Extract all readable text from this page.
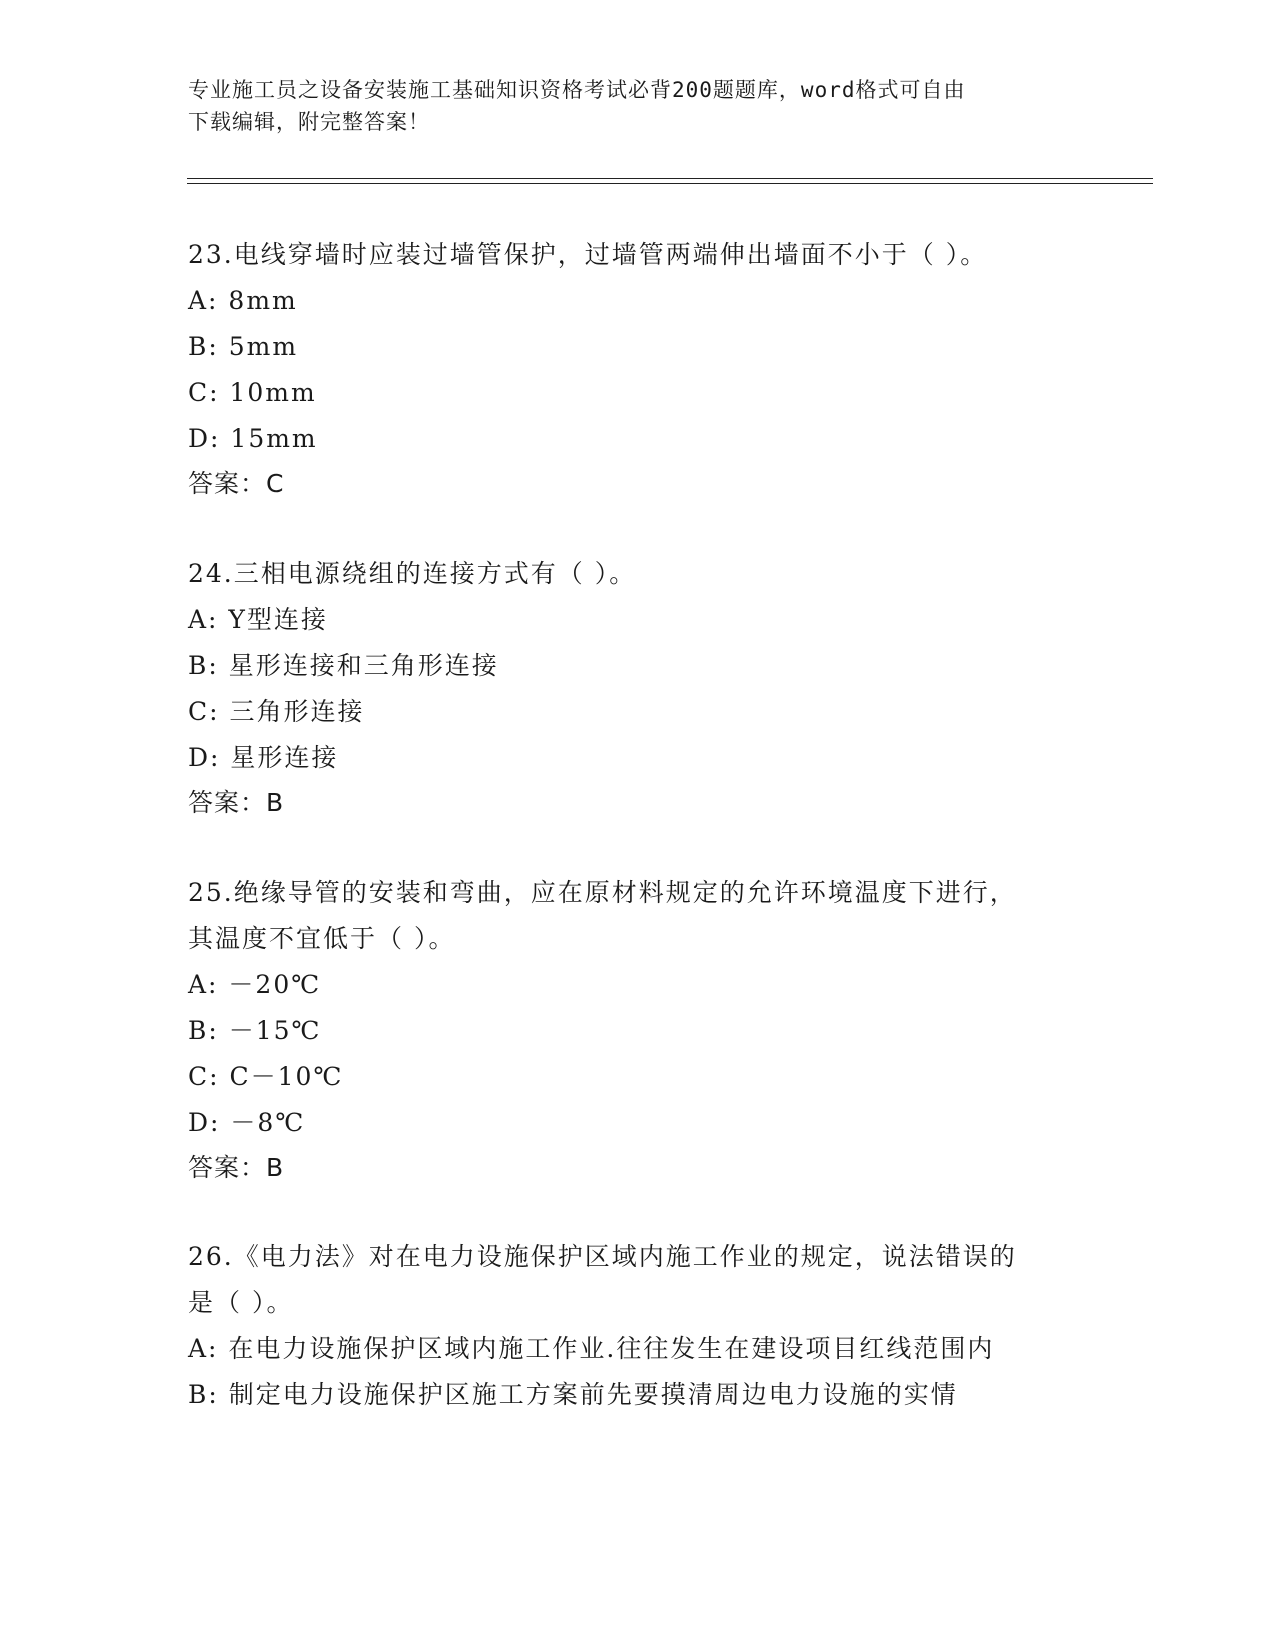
专业施工员之设备安装施工基础知识资格考试必背200题题库，word格式可自由
下载编辑，附完整答案！
23.电线穿墙时应装过墙管保护，过墙管两端伸出墙面不小于（ ）。
A: 8mm
B: 5mm
C: 10mm
D: 15mm
答案：C
24.三相电源绕组的连接方式有（ ）。
A: Y型连接
B: 星形连接和三角形连接
C: 三角形连接
D: 星形连接
答案：B
25.绝缘导管的安装和弯曲，应在原材料规定的允许环境温度下进行，
其温度不宜低于（ ）。
A: －20℃
B: －15℃
C: C－10℃
D: －8℃
答案：B
26.《电力法》对在电力设施保护区域内施工作业的规定，说法错误的
是（ ）。
A: 在电力设施保护区域内施工作业.往往发生在建设项目红线范围内
B: 制定电力设施保护区施工方案前先要摸清周边电力设施的实情
